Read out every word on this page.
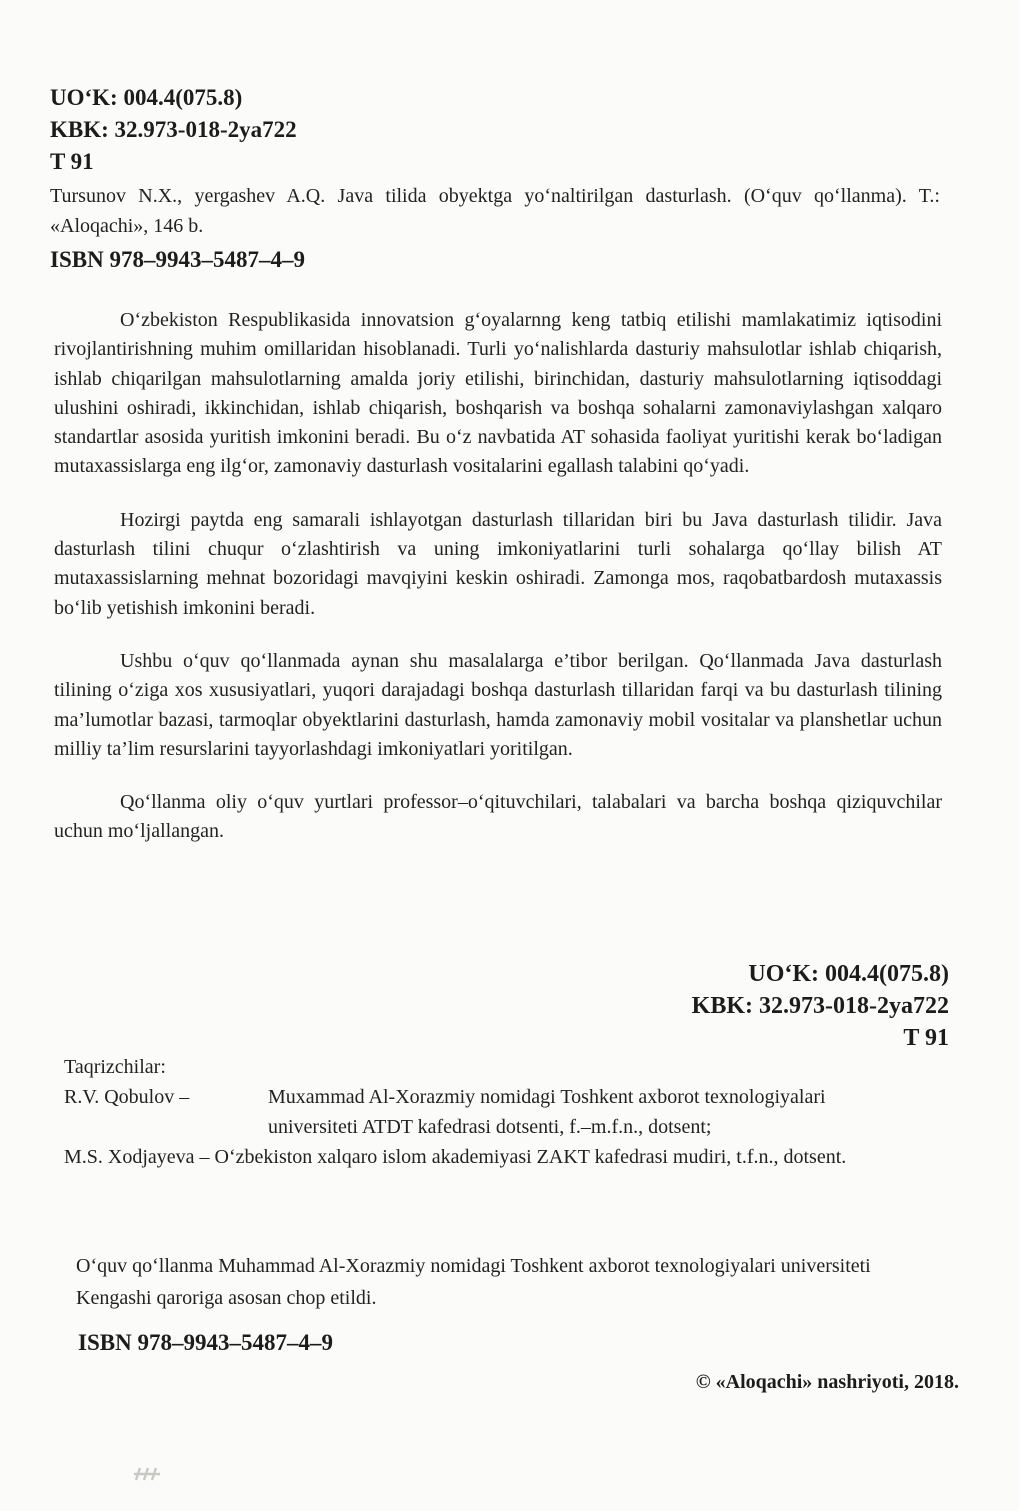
UO‘K: 004.4(075.8)
KBK: 32.973-018-2ya722
T 91
Tursunov N.X., yergashev A.Q. Java tilida obyektga yo‘naltirilgan dasturlash. (O‘quv qo‘llanma). T.: «Aloqachi», 146 b.
ISBN 978–9943–5487–4–9

O‘zbekiston Respublikasida innovatsion g‘oyalarnng keng tatbiq etilishi mamlakatimiz iqtisodini rivojlantirishning muhim omillaridan hisoblanadi. Turli yo‘nalishlarda dasturiy mahsulotlar ishlab chiqarish, ishlab chiqarilgan mahsulotlarning amalda joriy etilishi, birinchidan, dasturiy mahsulotlarning iqtisoddagi ulushini oshiradi, ikkinchidan, ishlab chiqarish, boshqarish va boshqa sohalarni zamonaviylashgan xalqaro standartlar asosida yuritish imkonini beradi. Bu o‘z navbatida AT sohasida faoliyat yuritishi kerak bo‘ladigan mutaxassislarga eng ilg‘or, zamonaviy dasturlash vositalarini egallash talabini qo‘yadi.

Hozirgi paytda eng samarali ishlayotgan dasturlash tillaridan biri bu Java dasturlash tilidir. Java dasturlash tilini chuqur o‘zlashtirish va uning imkoniyatlarini turli sohalarga qo‘llay bilish AT mutaxassislarning mehnat bozoridagi mavqiyini keskin oshiradi. Zamonga mos, raqobatbardosh mutaxassis bo‘lib yetishish imkonini beradi.

Ushbu o‘quv qo‘llanmada aynan shu masalalarga e’tibor berilgan. Qo‘llanmada Java dasturlash tilining o‘ziga xos xususiyatlari, yuqori darajadagi boshqa dasturlash tillaridan farqi va bu dasturlash tilining ma’lumotlar bazasi, tarmoqlar obyektlarini dasturlash, hamda zamonaviy mobil vositalar va planshetlar uchun milliy ta’lim resurslarini tayyorlashdagi imkoniyatlari yoritilgan.

Qo‘llanma oliy o‘quv yurtlari professor–o‘qituvchilari, talabalari va barcha boshqa qiziquvchilar uchun mo‘ljallangan.

UO‘K: 004.4(075.8)
KBK: 32.973-018-2ya722
T 91
Taqrizchilar:
R.V. Qobulov –	Muxammad Al-Xorazmiy nomidagi Toshkent axborot texnologiyalari universiteti ATDT kafedrasi dotsenti, f.–m.f.n., dotsent;
M.S. Xodjayeva – O‘zbekiston xalqaro islom akademiyasi ZAKT kafedrasi mudiri, t.f.n., dotsent.
O‘quv qo‘llanma Muhammad Al-Xorazmiy nomidagi Toshkent axborot texnologiyalari universiteti Kengashi qaroriga asosan chop etildi.
ISBN 978–9943–5487–4–9
© «Aloqachi» nashriyoti, 2018.
